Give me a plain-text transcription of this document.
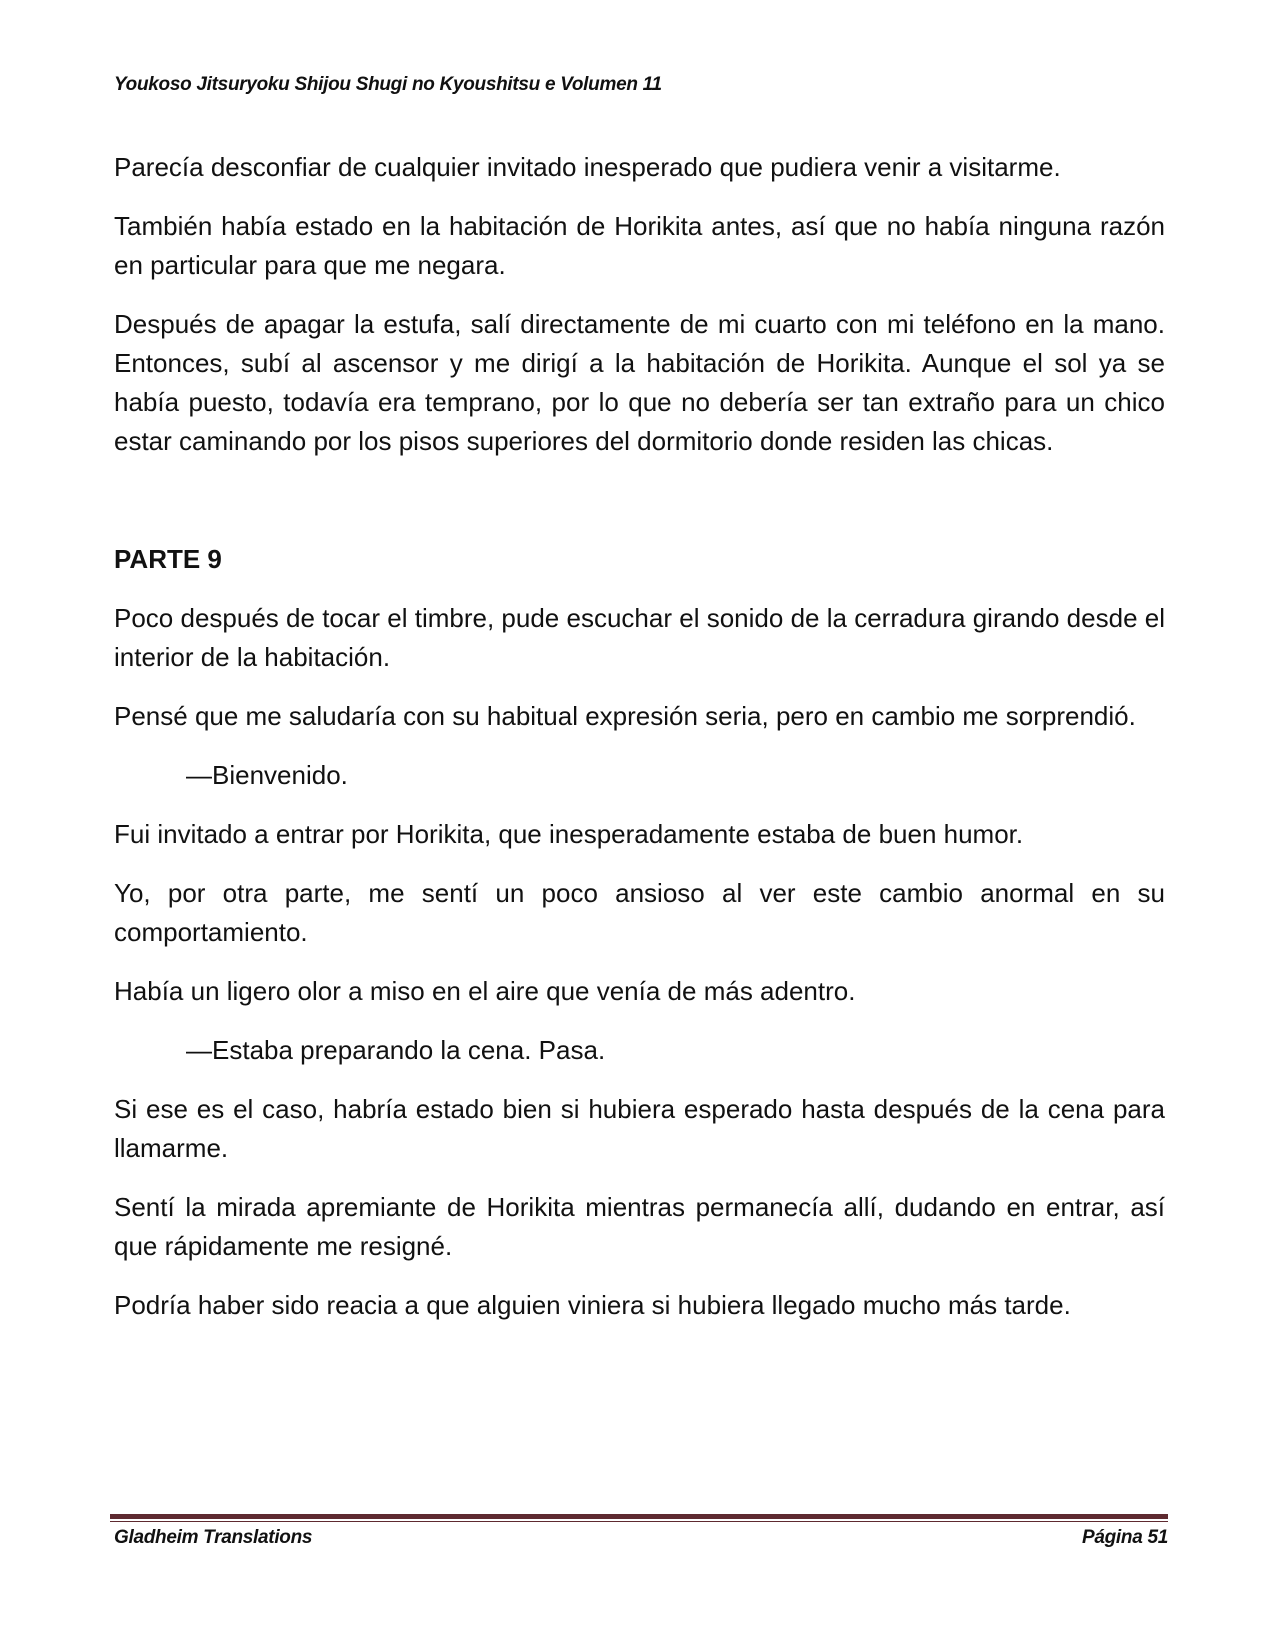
Youkoso Jitsuryoku Shijou Shugi no Kyoushitsu e Volumen 11

Parecía desconfiar de cualquier invitado inesperado que pudiera venir a visitarme.

También había estado en la habitación de Horikita antes, así que no había ninguna razón en particular para que me negara.

Después de apagar la estufa, salí directamente de mi cuarto con mi teléfono en la mano. Entonces, subí al ascensor y me dirigí a la habitación de Horikita. Aunque el sol ya se había puesto, todavía era temprano, por lo que no debería ser tan extraño para un chico estar caminando por los pisos superiores del dormitorio donde residen las chicas.

PARTE 9

Poco después de tocar el timbre, pude escuchar el sonido de la cerradura girando desde el interior de la habitación.

Pensé que me saludaría con su habitual expresión seria, pero en cambio me sorprendió.

—Bienvenido.

Fui invitado a entrar por Horikita, que inesperadamente estaba de buen humor.

Yo, por otra parte, me sentí un poco ansioso al ver este cambio anormal en su comportamiento.

Había un ligero olor a miso en el aire que venía de más adentro.

—Estaba preparando la cena. Pasa.

Si ese es el caso, habría estado bien si hubiera esperado hasta después de la cena para llamarme.

Sentí la mirada apremiante de Horikita mientras permanecía allí, dudando en entrar, así que rápidamente me resigné.

Podría haber sido reacia a que alguien viniera si hubiera llegado mucho más tarde.

Gladheim Translations	Página 51
